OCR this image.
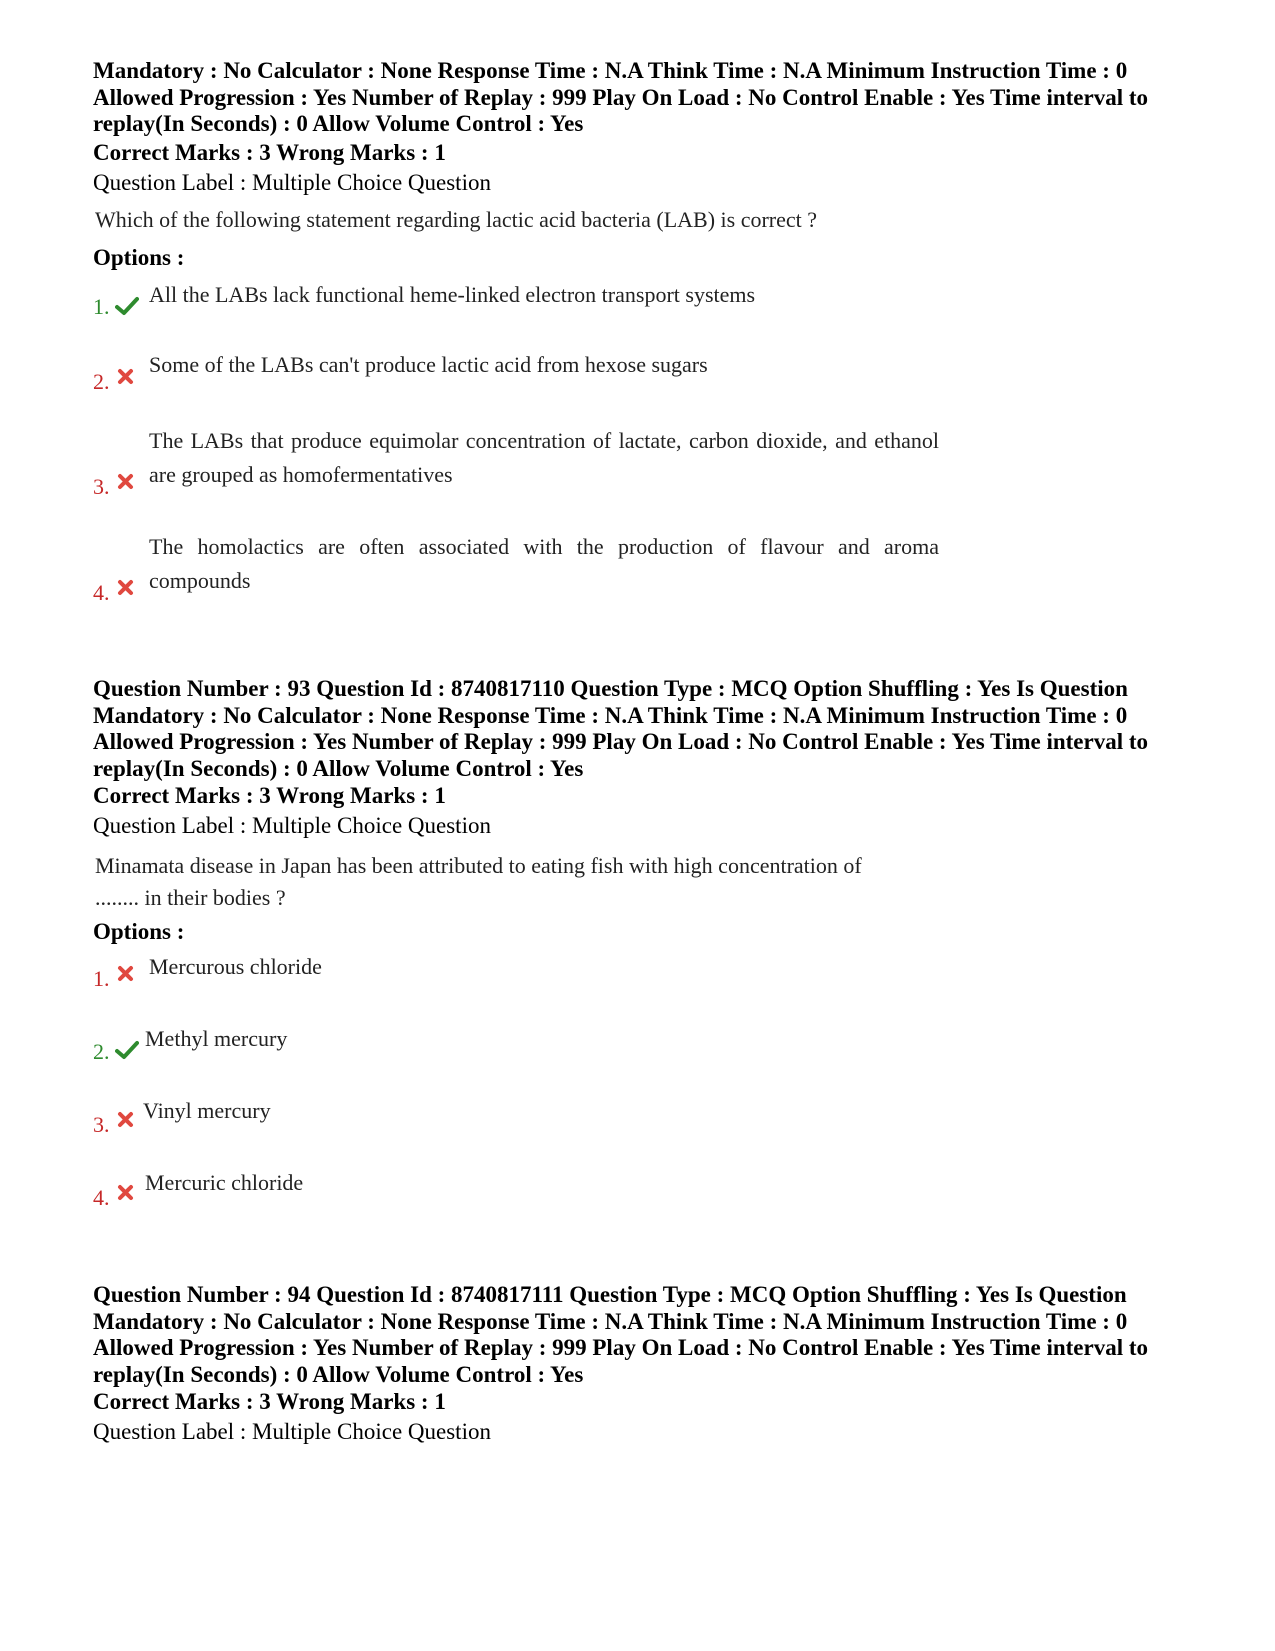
Mandatory : No Calculator : None Response Time : N.A Think Time : N.A Minimum Instruction Time : 0
Allowed Progression : Yes Number of Replay : 999 Play On Load : No Control Enable : Yes Time interval to
replay(In Seconds) : 0 Allow Volume Control : Yes
Correct Marks : 3 Wrong Marks : 1
Question Label : Multiple Choice Question
Which of the following statement regarding lactic acid bacteria (LAB) is correct ?
Options :
1. All the LABs lack functional heme-linked electron transport systems
2.
Some of the LABs can't produce lactic acid from hexose sugars
3.
The LABs that produce equimolar concentration of lactate, carbon dioxide, and ethanol are grouped as homofermentatives
4.
The homolactics are often associated with the production of flavour and aroma compounds
Question Number : 93 Question Id : 8740817110 Question Type : MCQ Option Shuffling : Yes Is Question
Mandatory : No Calculator : None Response Time : N.A Think Time : N.A Minimum Instruction Time : 0
Allowed Progression : Yes Number of Replay : 999 Play On Load : No Control Enable : Yes Time interval to
replay(In Seconds) : 0 Allow Volume Control : Yes
Correct Marks : 3 Wrong Marks : 1
Question Label : Multiple Choice Question
Minamata disease in Japan has been attributed to eating fish with high concentration of
........ in their bodies ?
Options :
1. Mercurous chloride
2.
Methyl mercury
3.
Vinyl mercury
4.
Mercuric chloride
Question Number : 94 Question Id : 8740817111 Question Type : MCQ Option Shuffling : Yes Is Question
Mandatory : No Calculator : None Response Time : N.A Think Time : N.A Minimum Instruction Time : 0
Allowed Progression : Yes Number of Replay : 999 Play On Load : No Control Enable : Yes Time interval to
replay(In Seconds) : 0 Allow Volume Control : Yes
Correct Marks : 3 Wrong Marks : 1
Question Label : Multiple Choice Question
